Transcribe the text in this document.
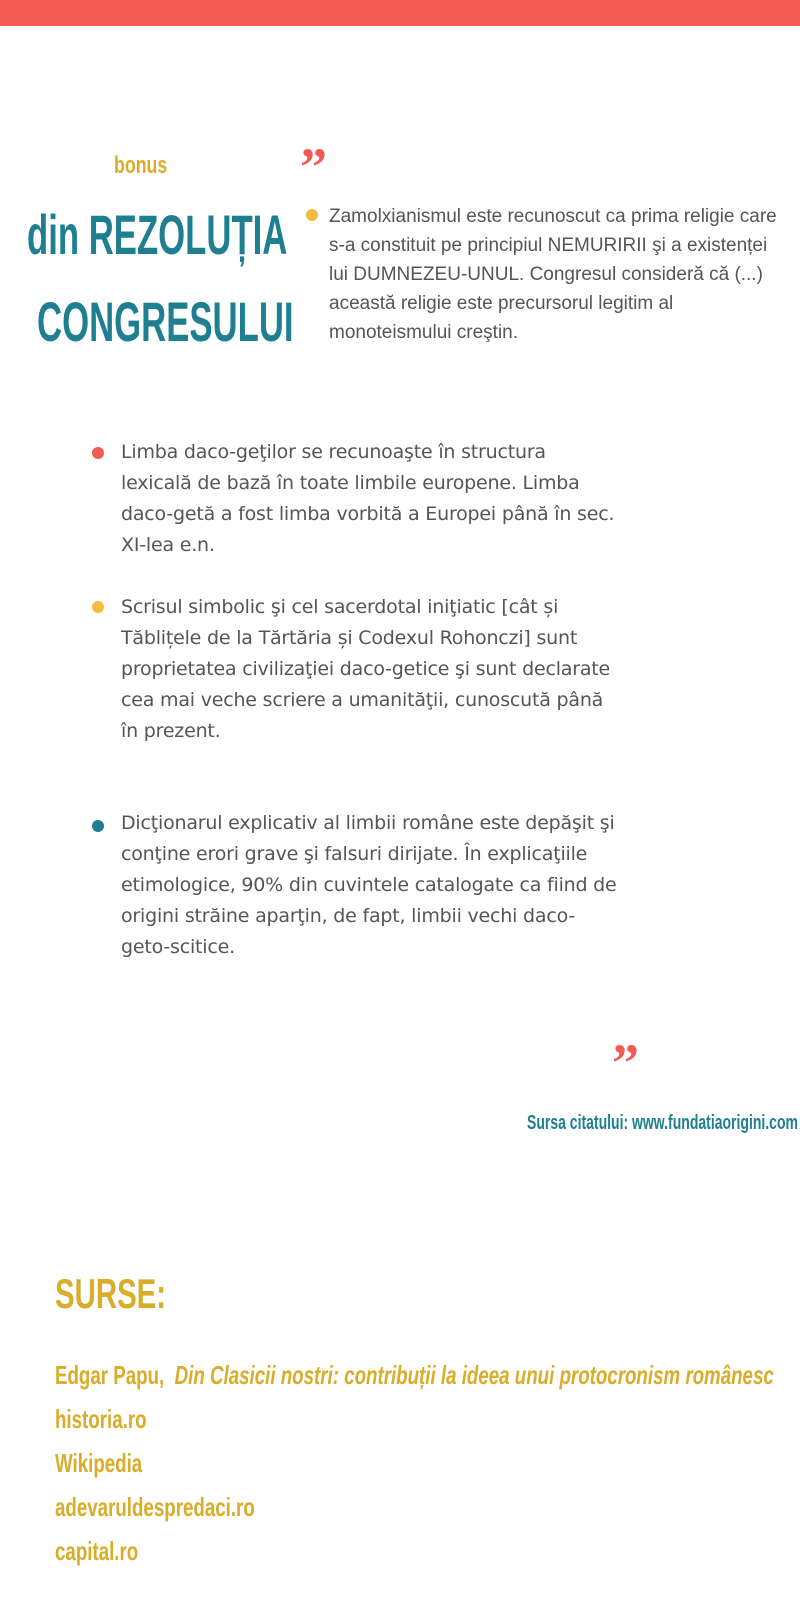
bonus
din REZOLUȚIA
CONGRESULUI
”
Zamolxianismul este recunoscut ca prima religie care s-a constituit pe principiul NEMURIRII şi a existenței lui DUMNEZEU-UNUL. Congresul consideră că (...) această religie este precursorul legitim al monoteismului creştin.
Limba daco-geţilor se recunoaşte în structura lexicală de bază în toate limbile europene. Limba daco-getă a fost limba vorbită a Europei până în sec. XI-lea e.n.
Scrisul simbolic şi cel sacerdotal iniţiatic [cât și Tăblițele de la Tărtăria și Codexul Rohonczi] sunt proprietatea civilizaţiei daco-getice şi sunt declarate cea mai veche scriere a umanităţii, cunoscută până în prezent.
Dicţionarul explicativ al limbii române este depăşit şi conţine erori grave şi falsuri dirijate. În explicaţiile etimologice, 90% din cuvintele catalogate ca fiind de origini străine aparţin, de fapt, limbii vechi daco-geto-scitice.
”
Sursa citatului: www.fundatiaorigini.com
SURSE:
Edgar Papu, Din Clasicii nostri: contribuții la ideea unui protocronism românesc
historia.ro
Wikipedia
adevaruldespredaci.ro
capital.ro
